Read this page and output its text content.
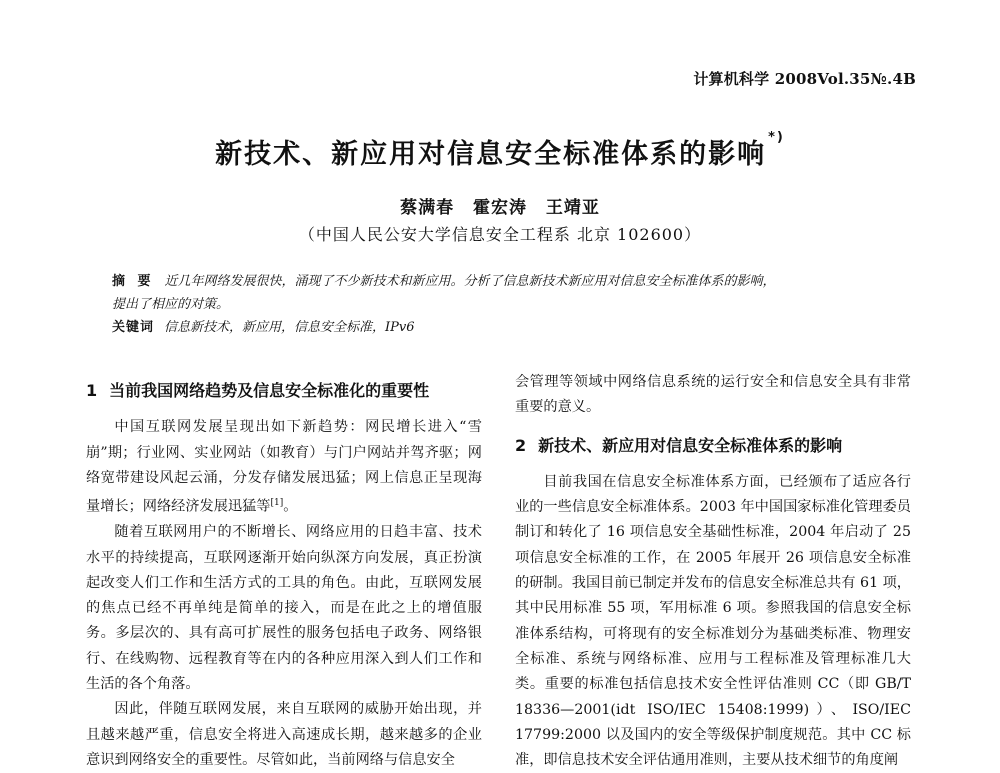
计算机科学 2008Vol.35№.4B
新技术、新应用对信息安全标准体系的影响*)
蔡满春 霍宏涛 王靖亚
（中国人民公安大学信息安全工程系 北京 102600）
摘 要 近几年网络发展很快，涌现了不少新技术和新应用。分析了信息新技术新应用对信息安全标准体系的影响，
提出了相应的对策。
关键词 信息新技术，新应用，信息安全标准，IPv6
1 当前我国网络趋势及信息安全标准化的重要性

中国互联网发展呈现出如下新趋势：网民增长进入“雪崩”期；行业网、实业网站（如教育）与门户网站并驾齐驱；网络宽带建设风起云涌，分发存储发展迅猛；网上信息正呈现海量增长；网络经济发展迅猛等[1]。

随着互联网用户的不断增长、网络应用的日趋丰富、技术水平的持续提高，互联网逐渐开始向纵深方向发展，真正扮演起改变人们工作和生活方式的工具的角色。由此，互联网发展的焦点已经不再单纯是简单的接入，而是在此之上的增值服务。多层次的、具有高可扩展性的服务包括电子政务、网络银行、在线购物、远程教育等在内的各种应用深入到人们工作和生活的各个角落。

因此，伴随互联网发展，来自互联网的威胁开始出现，并且越来越严重，信息安全将进入高速成长期，越来越多的企业意识到网络安全的重要性。尽管如此，当前网络与信息安全

会管理等领域中网络信息系统的运行安全和信息安全具有非常重要的意义。

2 新技术、新应用对信息安全标准体系的影响

目前我国在信息安全标准体系方面，已经颁布了适应各行业的一些信息安全标准体系。2003 年中国国家标准化管理委员制订和转化了 16 项信息安全基础性标准，2004 年启动了 25 项信息安全标准的工作，在 2005 年展开 26 项信息安全标准的研制。我国目前已制定并发布的信息安全标准总共有 61 项，其中民用标准 55 项，军用标准 6 项。参照我国的信息安全标准体系结构，可将现有的安全标准划分为基础类标准、物理安全标准、系统与网络标准、应用与工程标准及管理标准几大类。重要的标准包括信息技术安全性评估准则 CC（即 GB/T 18336—2001(idt ISO/IEC 15408:1999)）、ISO/IEC 17799:2000 以及国内的安全等级保护制度规范。其中 CC 标准，即信息技术安全评估通用准则，主要从技术细节的角度阐
